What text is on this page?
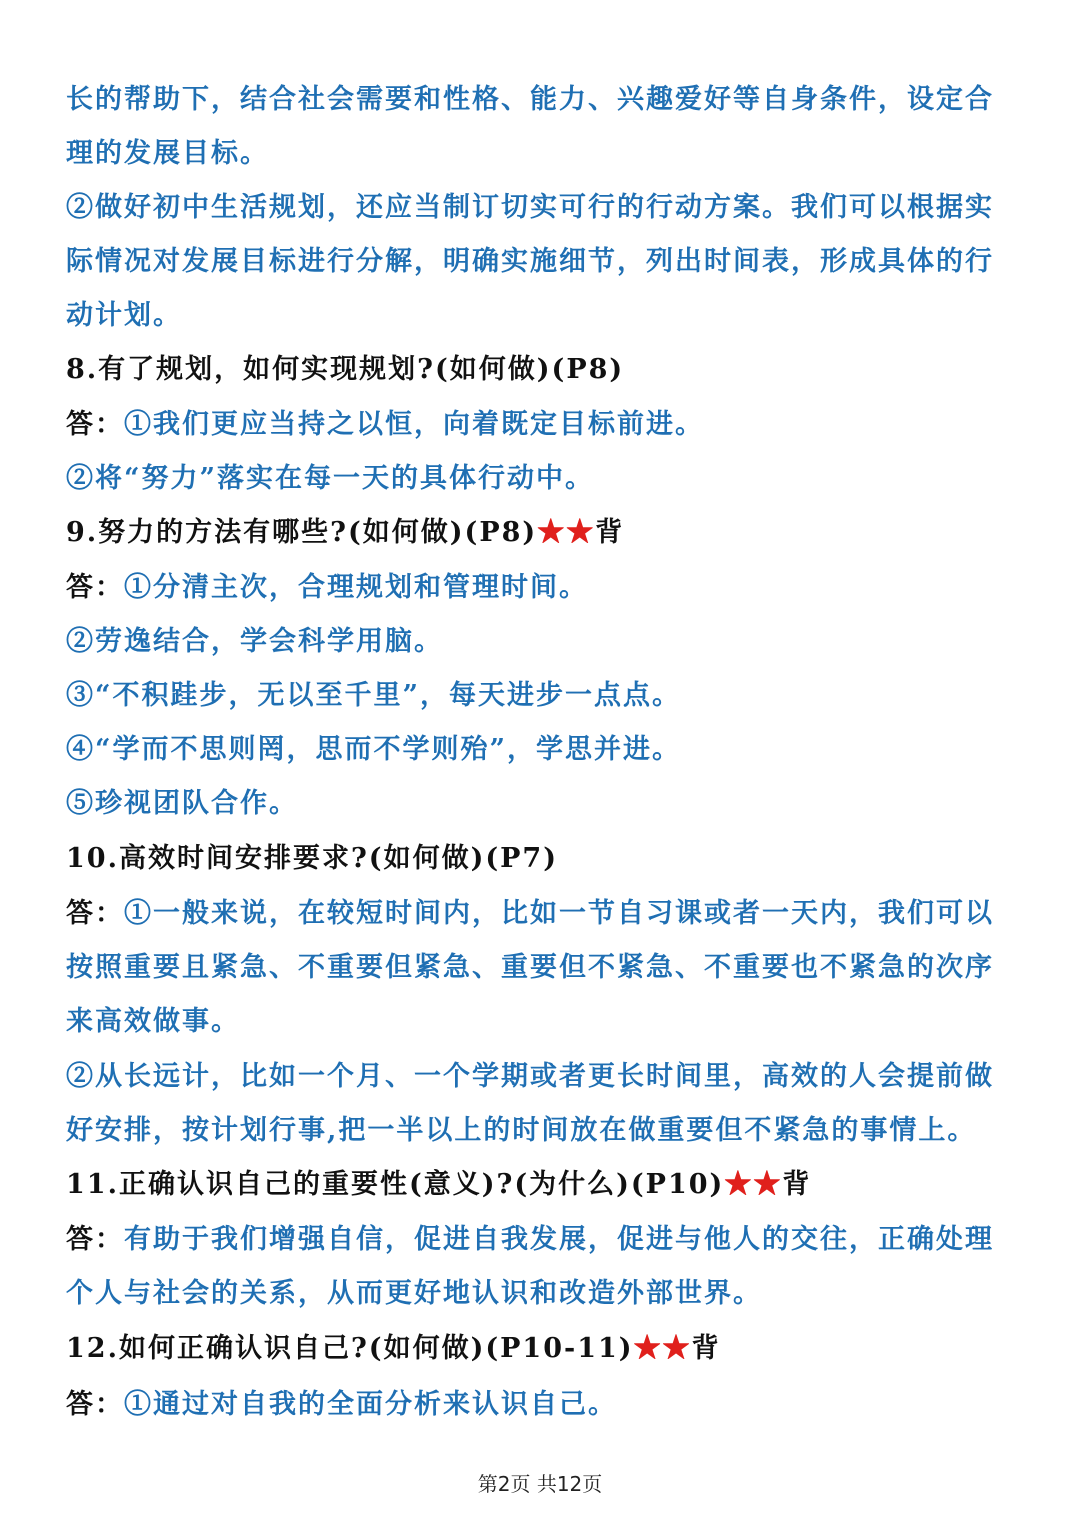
长的帮助下，结合社会需要和性格、能力、兴趣爱好等自身条件，设定合
理的发展目标。
②做好初中生活规划，还应当制订切实可行的行动方案。我们可以根据实
际情况对发展目标进行分解，明确实施细节，列出时间表，形成具体的行
动计划。
8.有了规划，如何实现规划?(如何做)(P8)
答：①我们更应当持之以恒，向着既定目标前进。
②将“努力”落实在每一天的具体行动中。
9.努力的方法有哪些?(如何做)(P8)★★背
答：①分清主次，合理规划和管理时间。
②劳逸结合，学会科学用脑。
③“不积跬步，无以至千里”，每天进步一点点。
④“学而不思则罔，思而不学则殆”，学思并进。
⑤珍视团队合作。
10.高效时间安排要求?(如何做)(P7)
答：①一般来说，在较短时间内，比如一节自习课或者一天内，我们可以
按照重要且紧急、不重要但紧急、重要但不紧急、不重要也不紧急的次序
来高效做事。
②从长远计，比如一个月、一个学期或者更长时间里，高效的人会提前做
好安排，按计划行事,把一半以上的时间放在做重要但不紧急的事情上。
11.正确认识自己的重要性(意义)?(为什么)(P10)★★背
答：有助于我们增强自信，促进自我发展，促进与他人的交往，正确处理
个人与社会的关系，从而更好地认识和改造外部世界。
12.如何正确认识自己?(如何做)(P10-11)★★背
答：①通过对自我的全面分析来认识自己。
第2页 共12页
